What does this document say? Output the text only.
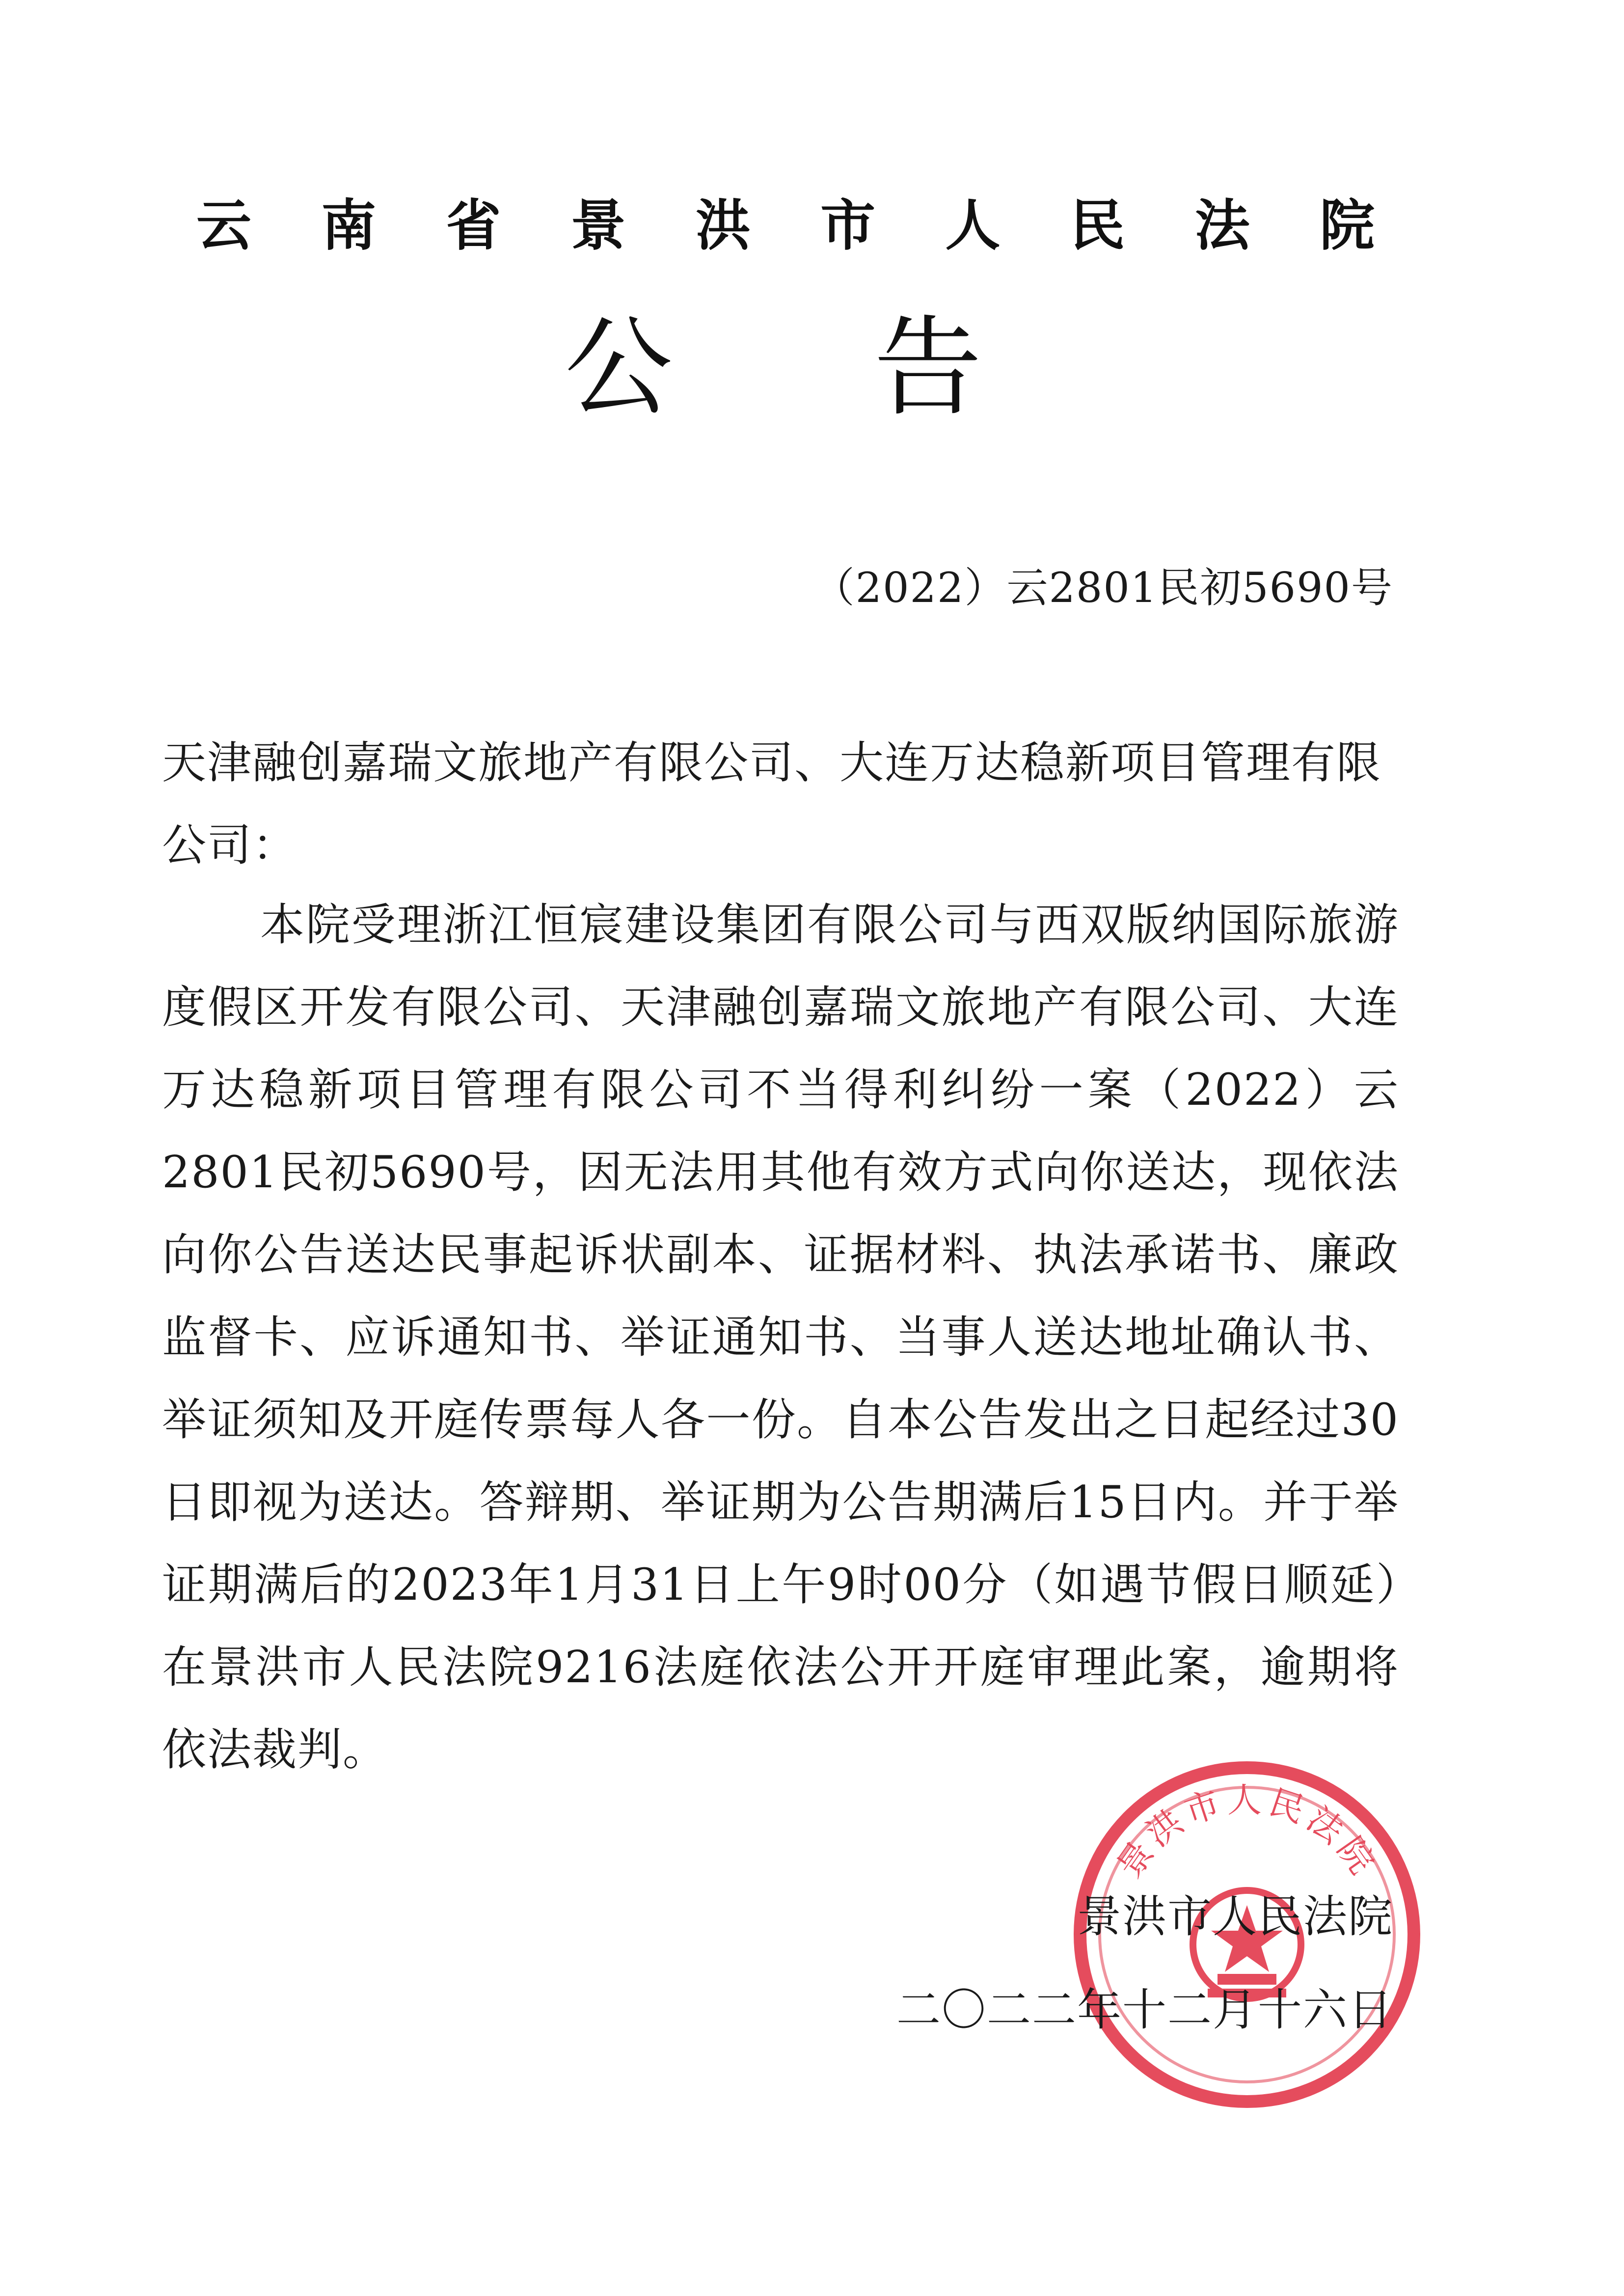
云 南 省 景 洪 市 人 民 法 院
公 告
（2022）云2801民初5690号
天津融创嘉瑞文旅地产有限公司、大连万达稳新项目管理有限公司：
本院受理浙江恒宸建设集团有限公司与西双版纳国际旅游度假区开发有限公司、天津融创嘉瑞文旅地产有限公司、大连万达稳新项目管理有限公司不当得利纠纷一案（2022）云2801民初5690号，因无法用其他有效方式向你送达，现依法向你公告送达民事起诉状副本、证据材料、执法承诺书、廉政监督卡、应诉通知书、举证通知书、当事人送达地址确认书、举证须知及开庭传票每人各一份。自本公告发出之日起经过30日即视为送达。答辩期、举证期为公告期满后15日内。并于举证期满后的2023年1月31日上午9时00分（如遇节假日顺延）在景洪市人民法院9216法庭依法公开开庭审理此案，逾期将依法裁判。
景洪市人民法院
景洪市人民法院
二〇二二年十二月十六日
